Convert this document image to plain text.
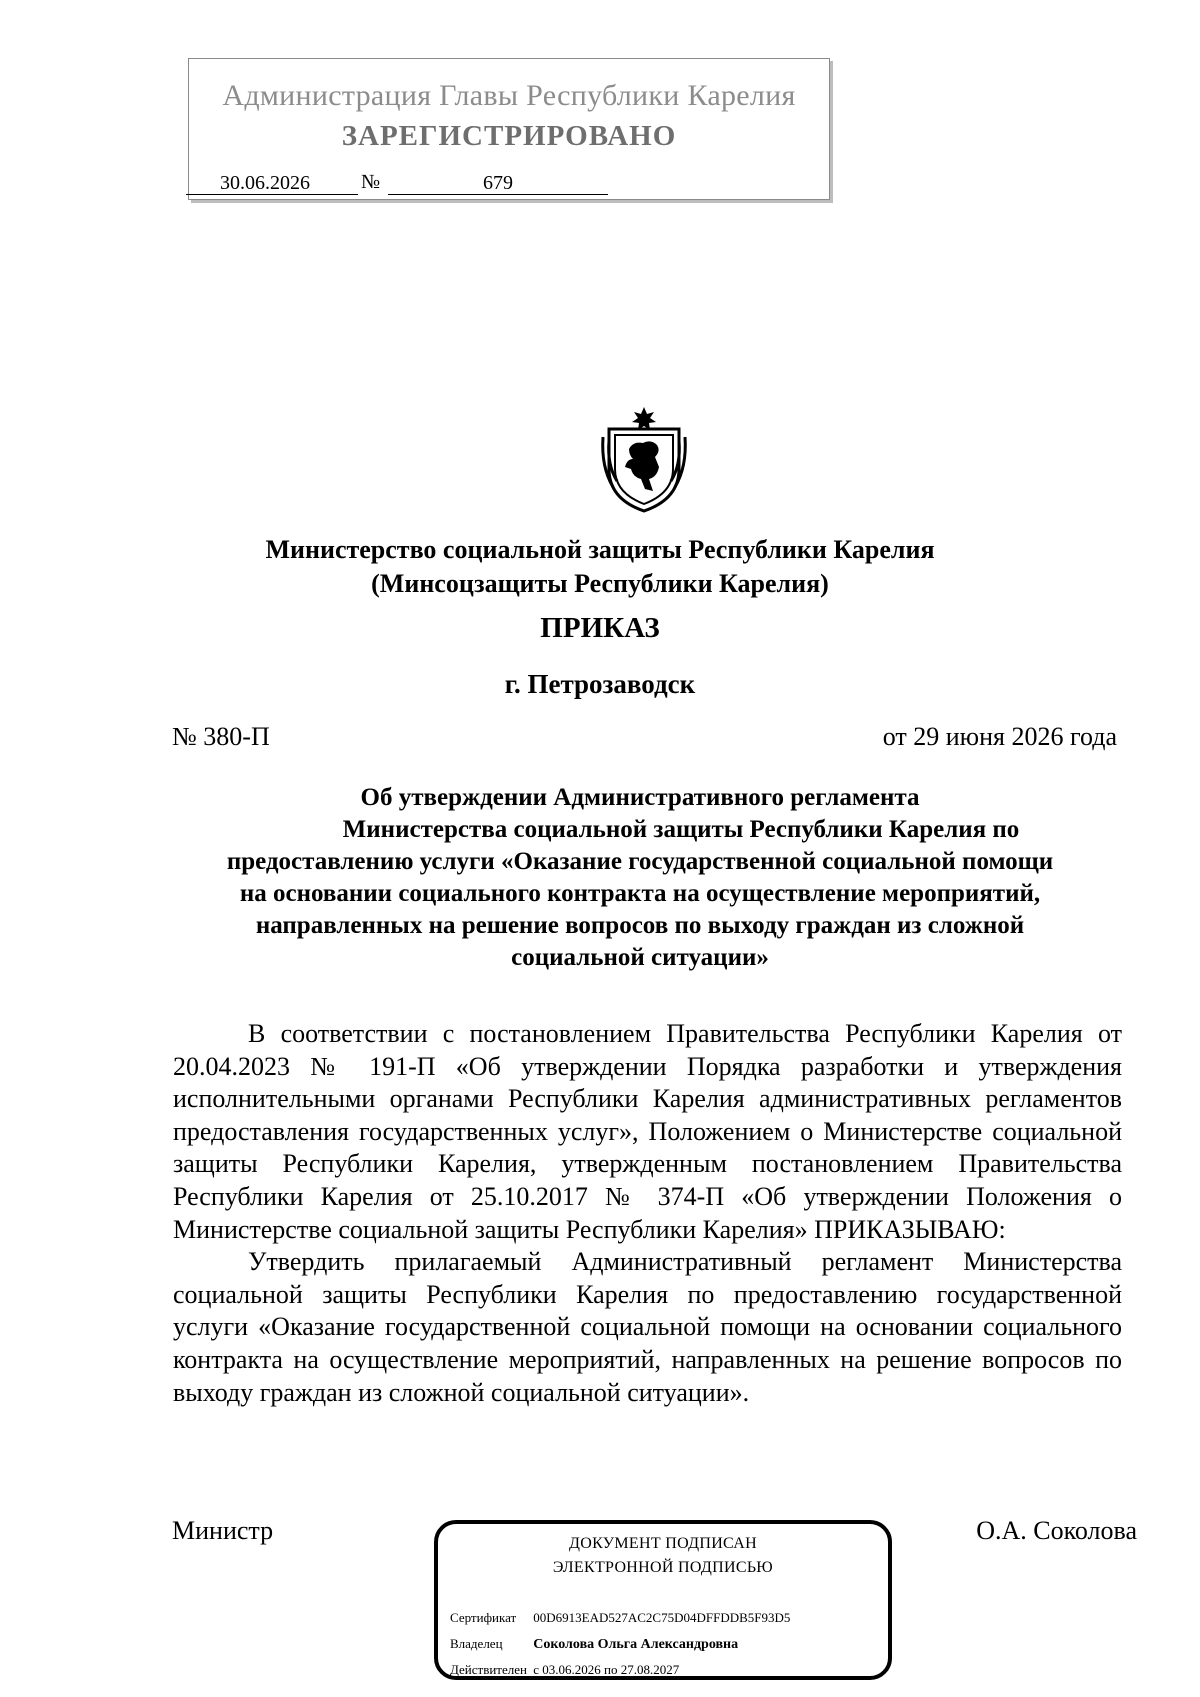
Администрация Главы Республики Карелия
ЗАРЕГИСТРИРОВАНО
30.06.2026	№	679
Министерство социальной защиты Республики Карелия
(Минсоцзащиты Республики Карелия)
ПРИКАЗ
г. Петрозаводск
№ 380-П	от 29 июня 2026 года
Об утверждении Административного регламента
Министерства социальной защиты Республики Карелия по
предоставлению услуги «Оказание государственной социальной помощи
на основании социального контракта на осуществление мероприятий,
направленных на решение вопросов по выходу граждан из сложной
социальной ситуации»

В соответствии с постановлением Правительства Республики Карелия от 20.04.2023 № 191-П «Об утверждении Порядка разработки и утверждения исполнительными органами Республики Карелия административных регламентов предоставления государственных услуг», Положением о Министерстве социальной защиты Республики Карелия, утвержденным постановлением Правительства Республики Карелия от 25.10.2017 № 374-П «Об утверждении Положения о Министерстве социальной защиты Республики Карелия» ПРИКАЗЫВАЮ:

Утвердить прилагаемый Административный регламент Министерства социальной защиты Республики Карелия по предоставлению государственной услуги «Оказание государственной социальной помощи на основании социального контракта на осуществление мероприятий, направленных на решение вопросов по выходу граждан из сложной социальной ситуации».

Министр	О.А. Соколова
ДОКУМЕНТ ПОДПИСАН
ЭЛЕКТРОННОЙ ПОДПИСЬЮ
Сертификат 00D6913EAD527AC2C75D04DFFDDB5F93D5
Владелец Соколова Ольга Александровна
Действителен с 03.06.2026 по 27.08.2027
